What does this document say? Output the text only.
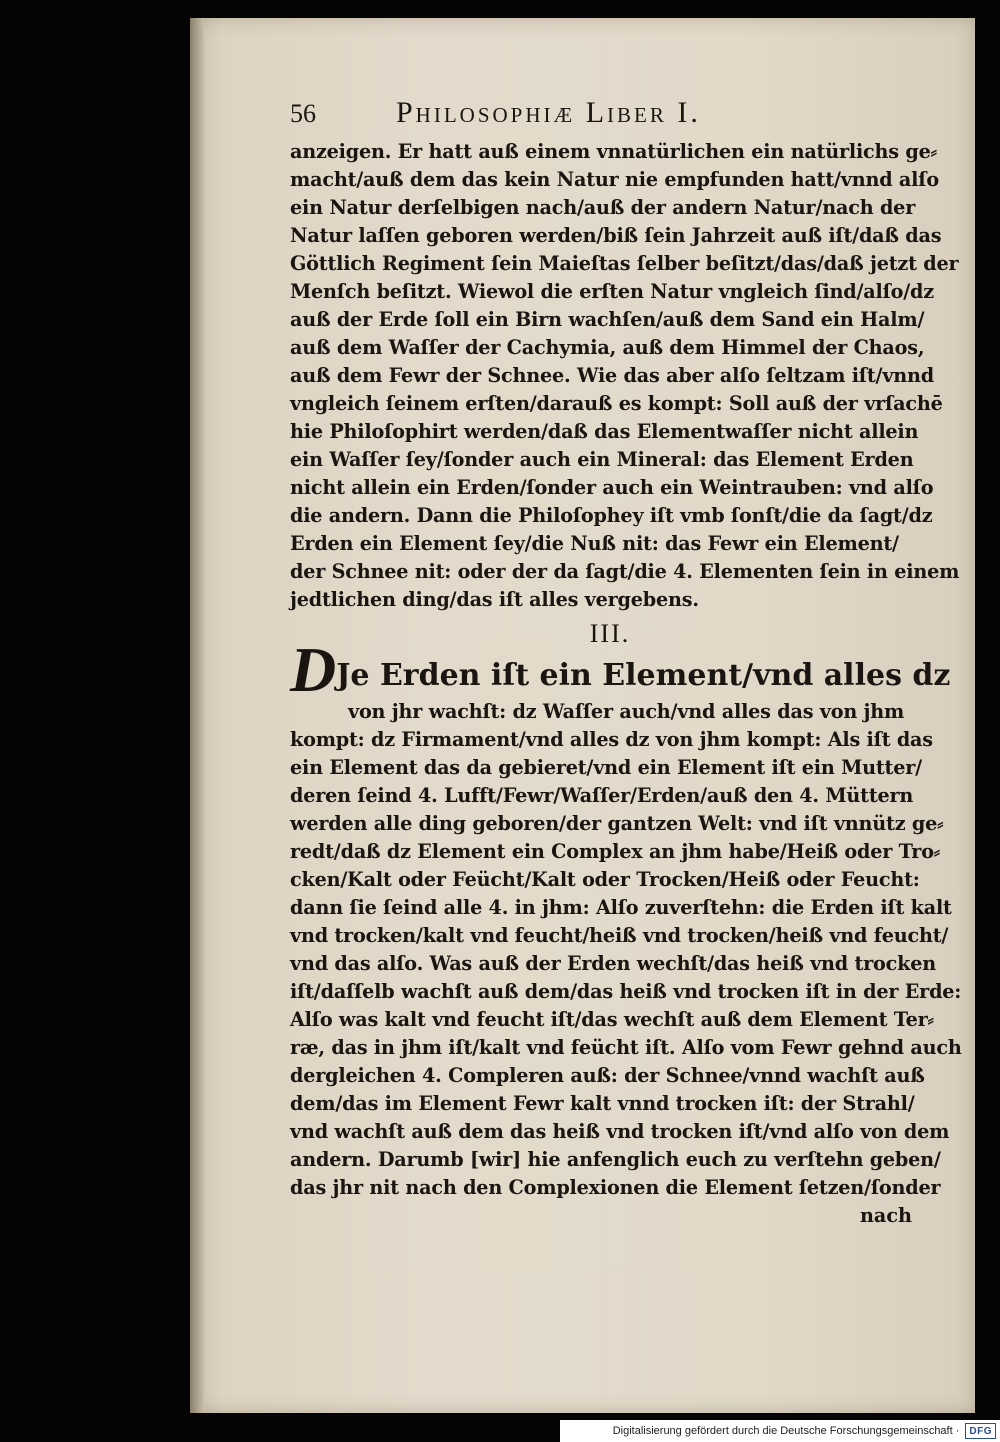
56	Philosophiæ Liber I.
anzeigen. Er hatt auß einem vnnatürlichen ein natürlichs ge⸗
macht/auß dem das kein Natur nie empfunden hatt/vnnd alſo
ein Natur derſelbigen nach/auß der andern Natur/nach der
Natur laſſen geboren werden/biß ſein Jahrzeit auß iſt/daß das
Göttlich Regiment ſein Maieſtas ſelber beſitzt/das/daß jetzt der
Menſch beſitzt. Wiewol die erſten Natur vngleich ſind/alſo/dz
auß der Erde ſoll ein Birn wachſen/auß dem Sand ein Halm/
auß dem Waſſer der Cachymia, auß dem Himmel der Chaos,
auß dem Fewr der Schnee. Wie das aber alſo ſeltzam iſt/vnnd
vngleich ſeinem erſten/darauß es kompt: Soll auß der vrſachē
hie Philoſophirt werden/daß das Elementwaſſer nicht allein
ein Waſſer ſey/ſonder auch ein Mineral: das Element Erden
nicht allein ein Erden/ſonder auch ein Weintrauben: vnd alſo
die andern. Dann die Philoſophey iſt vmb ſonſt/die da ſagt/dz
Erden ein Element ſey/die Nuß nit: das Fewr ein Element/
der Schnee nit: oder der da ſagt/die 4. Elementen ſein in einem
jedtlichen ding/das iſt alles vergebens.
III.
D Je Erden iſt ein Element/vnd alles dz
von jhr wachſt: dz Waſſer auch/vnd alles das von jhm
kompt: dz Firmament/vnd alles dz von jhm kompt: Als iſt das
ein Element das da gebieret/vnd ein Element iſt ein Mutter/
deren ſeind 4. Lufft/Fewr/Waſſer/Erden/auß den 4. Müttern
werden alle ding geboren/der gantzen Welt: vnd iſt vnnütz ge⸗
redt/daß dz Element ein Complex an jhm habe/Heiß oder Tro⸗
cken/Kalt oder Feücht/Kalt oder Trocken/Heiß oder Feucht:
dann ſie ſeind alle 4. in jhm: Alſo zuverſtehn: die Erden iſt kalt
vnd trocken/kalt vnd feucht/heiß vnd trocken/heiß vnd feucht/
vnd das alſo. Was auß der Erden wechſt/das heiß vnd trocken
iſt/daſſelb wachſt auß dem/das heiß vnd trocken iſt in der Erde:
Alſo was kalt vnd feucht iſt/das wechſt auß dem Element Ter⸗
ræ, das in jhm iſt/kalt vnd feücht iſt. Alſo vom Fewr gehnd auch
dergleichen 4. Compleren auß: der Schnee/vnnd wachſt auß
dem/das im Element Fewr kalt vnnd trocken iſt: der Strahl/
vnd wachſt auß dem das heiß vnd trocken iſt/vnd alſo von dem
andern. Darumb [wir] hie anfenglich euch zu verſtehn geben/
das jhr nit nach den Complexionen die Element ſetzen/ſonder
nach
Digitalisierung gefördert durch die Deutsche Forschungsgemeinschaft ·	DFG
